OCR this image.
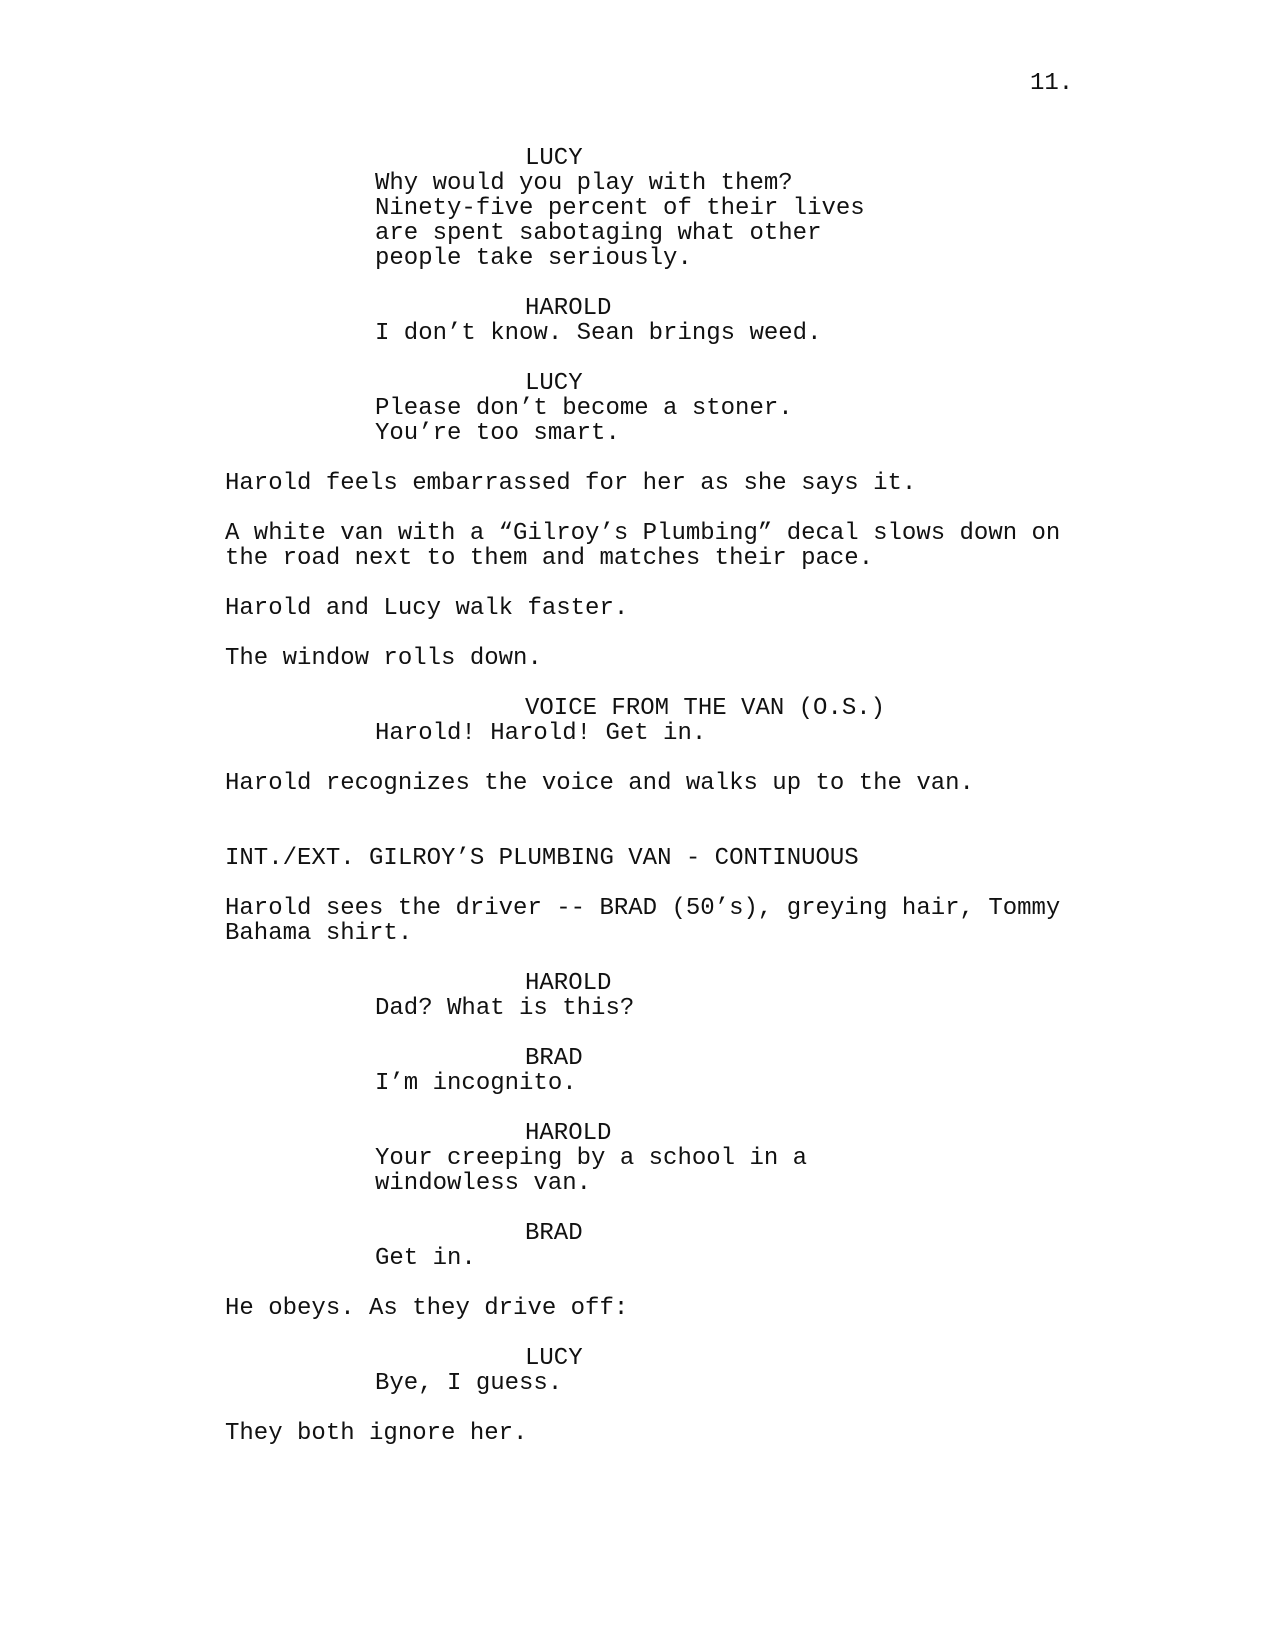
11.
LUCY
Why would you play with them?
Ninety-five percent of their lives
are spent sabotaging what other
people take seriously.
HAROLD
I don’t know. Sean brings weed.
LUCY
Please don’t become a stoner.
You’re too smart.
Harold feels embarrassed for her as she says it.
A white van with a “Gilroy’s Plumbing” decal slows down on
the road next to them and matches their pace.
Harold and Lucy walk faster.
The window rolls down.
VOICE FROM THE VAN (O.S.)
Harold! Harold! Get in.
Harold recognizes the voice and walks up to the van.
INT./EXT. GILROY’S PLUMBING VAN - CONTINUOUS
Harold sees the driver -- BRAD (50’s), greying hair, Tommy
Bahama shirt.
HAROLD
Dad? What is this?
BRAD
I’m incognito.
HAROLD
Your creeping by a school in a
windowless van.
BRAD
Get in.
He obeys. As they drive off:
LUCY
Bye, I guess.
They both ignore her.
